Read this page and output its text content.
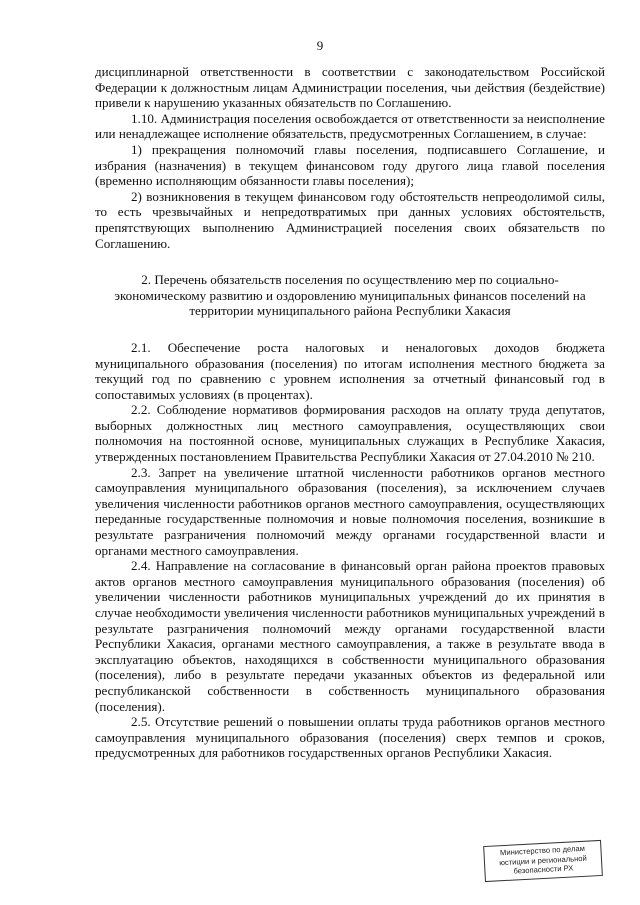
9

дисциплинарной ответственности в соответствии с законодательством Российской Федерации к должностным лицам Администрации поселения, чьи действия (бездействие) привели к нарушению указанных обязательств по Соглашению.

1.10. Администрация поселения освобождается от ответственности за неисполнение или ненадлежащее исполнение обязательств, предусмотренных Соглашением, в случае:

1) прекращения полномочий главы поселения, подписавшего Соглашение, и избрания (назначения) в текущем финансовом году другого лица главой поселения (временно исполняющим обязанности главы поселения);

2) возникновения в текущем финансовом году обстоятельств непреодолимой силы, то есть чрезвычайных и непредотвратимых при данных условиях обстоятельств, препятствующих выполнению Администрацией поселения своих обязательств по Соглашению.

2. Перечень обязательств поселения по осуществлению мер по социально-экономическому развитию и оздоровлению муниципальных финансов поселений на территории муниципального района Республики Хакасия

2.1. Обеспечение роста налоговых и неналоговых доходов бюджета муниципального образования (поселения) по итогам исполнения местного бюджета за текущий год по сравнению с уровнем исполнения за отчетный финансовый год в сопоставимых условиях (в процентах).

2.2. Соблюдение нормативов формирования расходов на оплату труда депутатов, выборных должностных лиц местного самоуправления, осуществляющих свои полномочия на постоянной основе, муниципальных служащих в Республике Хакасия, утвержденных постановлением Правительства Республики Хакасия от 27.04.2010 № 210.

2.3. Запрет на увеличение штатной численности работников органов местного самоуправления муниципального образования (поселения), за исключением случаев увеличения численности работников органов местного самоуправления, осуществляющих переданные государственные полномочия и новые полномочия поселения, возникшие в результате разграничения полномочий между органами государственной власти и органами местного самоуправления.

2.4. Направление на согласование в финансовый орган района проектов правовых актов органов местного самоуправления муниципального образования (поселения) об увеличении численности работников муниципальных учреждений до их принятия в случае необходимости увеличения численности работников муниципальных учреждений в результате разграничения полномочий между органами государственной власти Республики Хакасия, органами местного самоуправления, а также в результате ввода в эксплуатацию объектов, находящихся в собственности муниципального образования (поселения), либо в результате передачи указанных объектов из федеральной или республиканской собственности в собственность муниципального образования (поселения).

2.5. Отсутствие решений о повышении оплаты труда работников органов местного самоуправления муниципального образования (поселения) сверх темпов и сроков, предусмотренных для работников государственных органов Республики Хакасия.

Министерство по делам
юстиции и региональной
безопасности РХ
